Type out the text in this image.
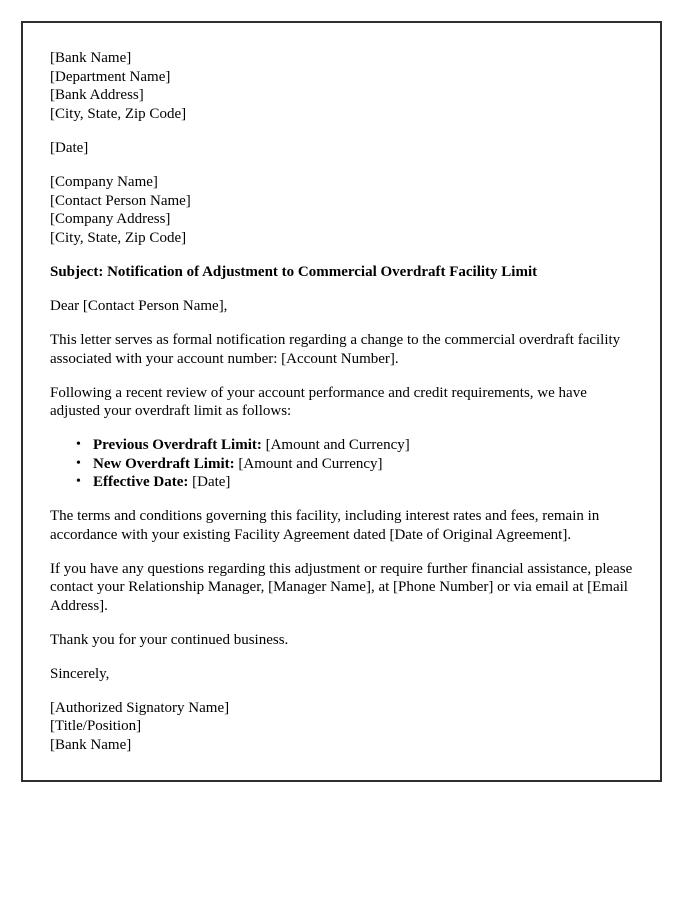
[Bank Name]
[Department Name]
[Bank Address]
[City, State, Zip Code]

[Date]

[Company Name]
[Contact Person Name]
[Company Address]
[City, State, Zip Code]

Subject: Notification of Adjustment to Commercial Overdraft Facility Limit

Dear [Contact Person Name],

This letter serves as formal notification regarding a change to the commercial overdraft facility associated with your account number: [Account Number].

Following a recent review of your account performance and credit requirements, we have adjusted your overdraft limit as follows:

• Previous Overdraft Limit: [Amount and Currency]
• New Overdraft Limit: [Amount and Currency]
• Effective Date: [Date]

The terms and conditions governing this facility, including interest rates and fees, remain in accordance with your existing Facility Agreement dated [Date of Original Agreement].

If you have any questions regarding this adjustment or require further financial assistance, please contact your Relationship Manager, [Manager Name], at [Phone Number] or via email at [Email Address].

Thank you for your continued business.

Sincerely,

[Authorized Signatory Name]
[Title/Position]
[Bank Name]
